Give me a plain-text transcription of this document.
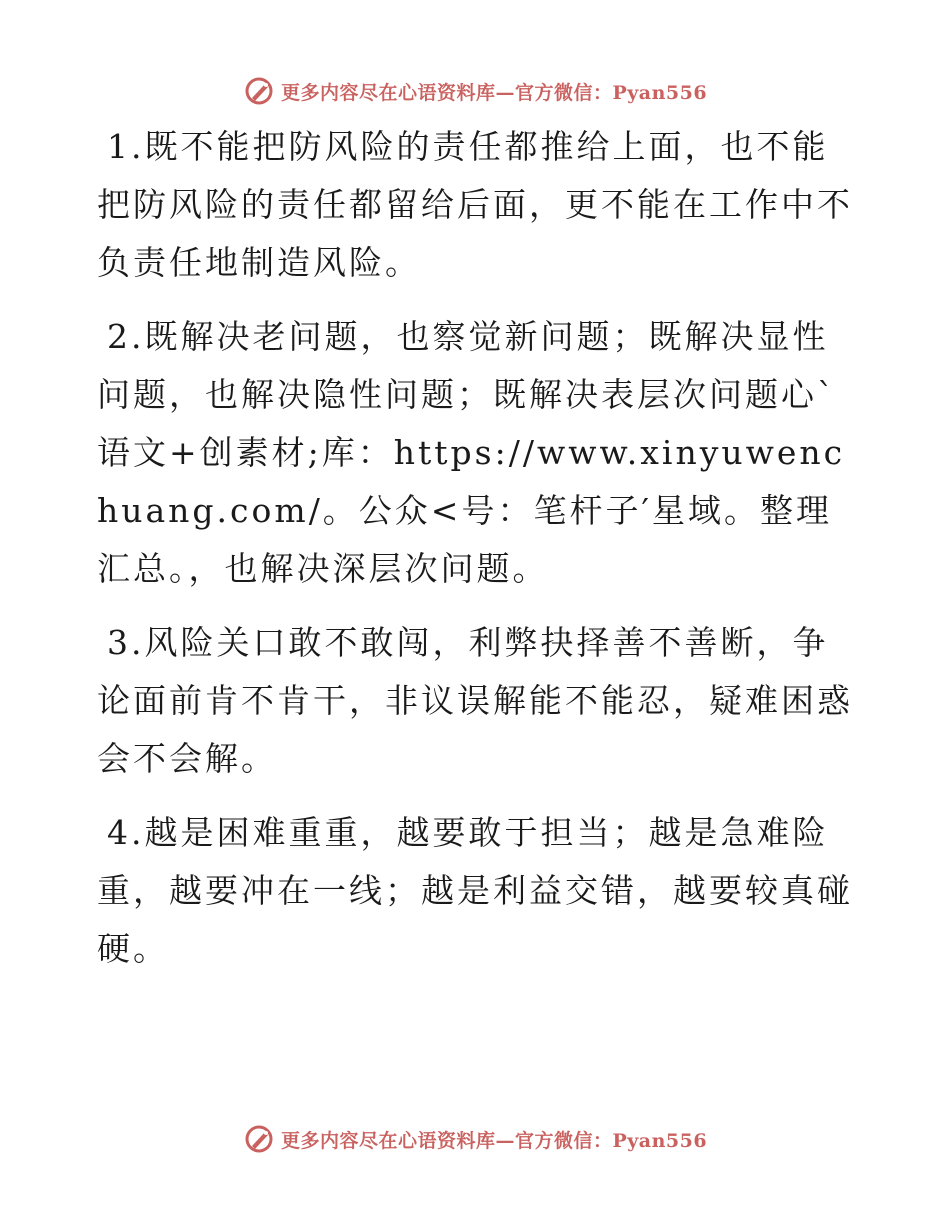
更多内容尽在心语资料库—官方微信：Pyan556

1.既不能把防风险的责任都推给上面，也不能把防风险的责任都留给后面，更不能在工作中不负责任地制造风险。

2.既解决老问题，也察觉新问题；既解决显性问题，也解决隐性问题；既解决表层次问题心`语文+创素材;库：https://www.xinyuwenchuang.com/。公众<号：笔杆子′星域。整理汇总。，也解决深层次问题。

3.风险关口敢不敢闯，利弊抉择善不善断，争论面前肯不肯干，非议误解能不能忍，疑难困惑会不会解。

4.越是困难重重，越要敢于担当；越是急难险重，越要冲在一线；越是利益交错，越要较真碰硬。

更多内容尽在心语资料库—官方微信：Pyan556
